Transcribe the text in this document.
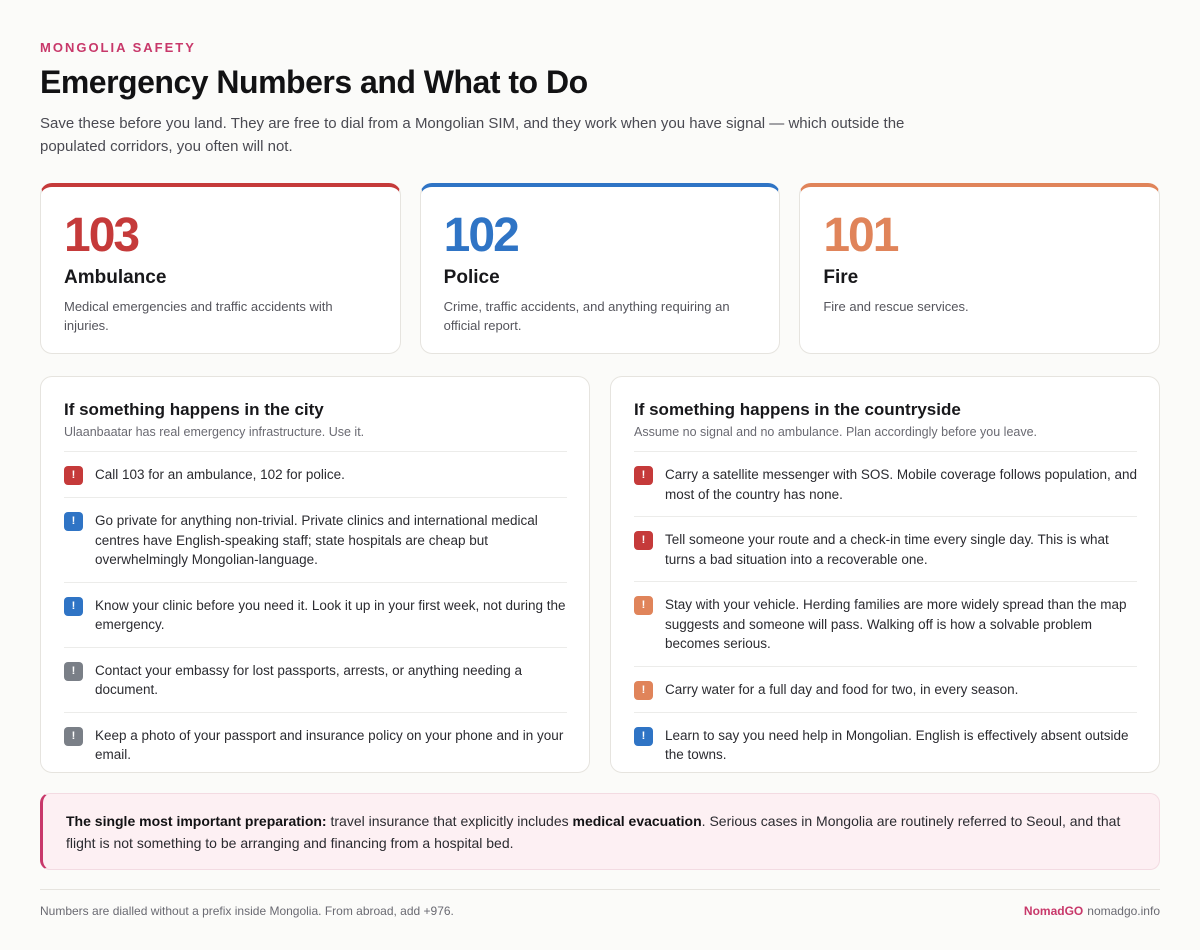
MONGOLIA SAFETY
Emergency Numbers and What to Do

Save these before you land. They are free to dial from a Mongolian SIM, and they work when you have signal — which outside the populated corridors, you often will not.

103
Ambulance
Medical emergencies and traffic accidents with injuries.
102
Police
Crime, traffic accidents, and anything requiring an official report.
101
Fire
Fire and rescue services.
If something happens in the city
Ulaanbaatar has real emergency infrastructure. Use it.
!	Call 103 for an ambulance, 102 for police.
!	Go private for anything non-trivial. Private clinics and international medical centres have English-speaking staff; state hospitals are cheap but overwhelmingly Mongolian-language.
!	Know your clinic before you need it. Look it up in your first week, not during the emergency.
!	Contact your embassy for lost passports, arrests, or anything needing a document.
!	Keep a photo of your passport and insurance policy on your phone and in your email.
If something happens in the countryside
Assume no signal and no ambulance. Plan accordingly before you leave.
!	Carry a satellite messenger with SOS. Mobile coverage follows population, and most of the country has none.
!	Tell someone your route and a check-in time every single day. This is what turns a bad situation into a recoverable one.
!	Stay with your vehicle. Herding families are more widely spread than the map suggests and someone will pass. Walking off is how a solvable problem becomes serious.
!	Carry water for a full day and food for two, in every season.
!	Learn to say you need help in Mongolian. English is effectively absent outside the towns.
The single most important preparation: travel insurance that explicitly includes medical evacuation. Serious cases in Mongolia are routinely referred to Seoul, and that flight is not something to be arranging and financing from a hospital bed.
Numbers are dialled without a prefix inside Mongolia. From abroad, add +976.	NomadGO nomadgo.info
